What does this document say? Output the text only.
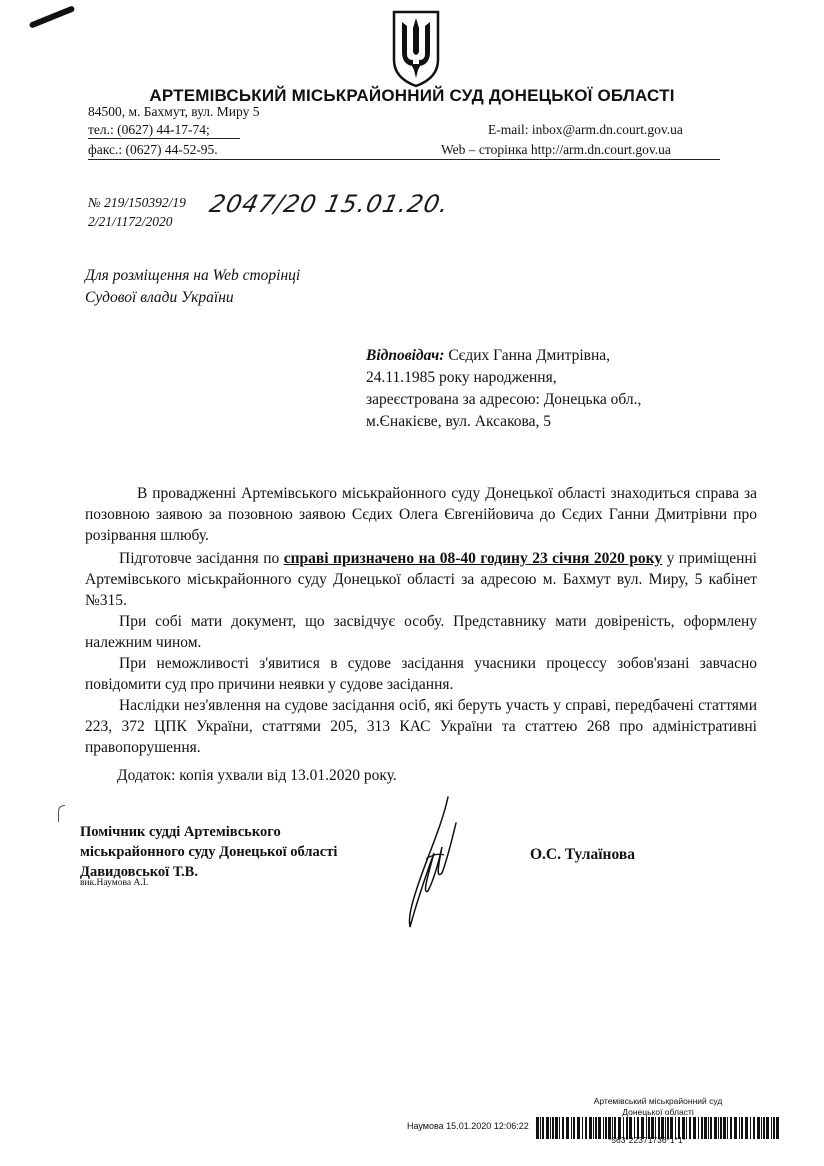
АРТЕМІВСЬКИЙ МІСЬКРАЙОННИЙ СУД ДОНЕЦЬКОЇ ОБЛАСТІ
84500, м. Бахмут, вул. Миру 5
тел.: (0627) 44-17-74;
факс.: (0627) 44-52-95.
E-mail: inbox@arm.dn.court.gov.ua
Web – сторінка http://arm.dn.court.gov.ua
№ 219/150392/19
2/21/1172/2020
2047/20 15.01.20.
Для розміщення на Web сторінці
Судової влади України
Відповідач: Сєдих Ганна Дмитрівна,
24.11.1985 року народження,
зареєстрована за адресою: Донецька обл.,
м.Єнакієве, вул. Аксакова, 5

В провадженні Артемівського міськрайонного суду Донецької області знаходиться справа за позовною заявою за позовною заявою Сєдих Олега Євгенійовича до Сєдих Ганни Дмитрівни про розірвання шлюбу.

Підготовче засідання по справі призначено на 08-40 годину 23 січня 2020 року у приміщенні Артемівського міськрайонного суду Донецької області за адресою м. Бахмут вул. Миру, 5 кабінет №315.

При собі мати документ, що засвідчує особу. Представнику мати довіреність, оформлену належним чином.

При неможливості з'явитися в судове засідання учасники процессу зобов'язані завчасно повідомити суд про причини неявки у судове засідання.

Наслідки нез'явлення на судове засідання осіб, які беруть участь у справі, передбачені статтями 223, 372 ЦПК України, статтями 205, 313 КАС України та статтею 268 про адміністративні правопорушення.

Додаток: копія ухвали від 13.01.2020 року.
Помічник судді Артемівського
міськрайонного суду Донецької області
Давидовської Т.В.
вик.Наумова А.І.
О.С. Тулаїнова
Артемівський міськрайонний суд
Донецької області
Наумова 15.01.2020 12:06:22
*563*22371736*1*1*
